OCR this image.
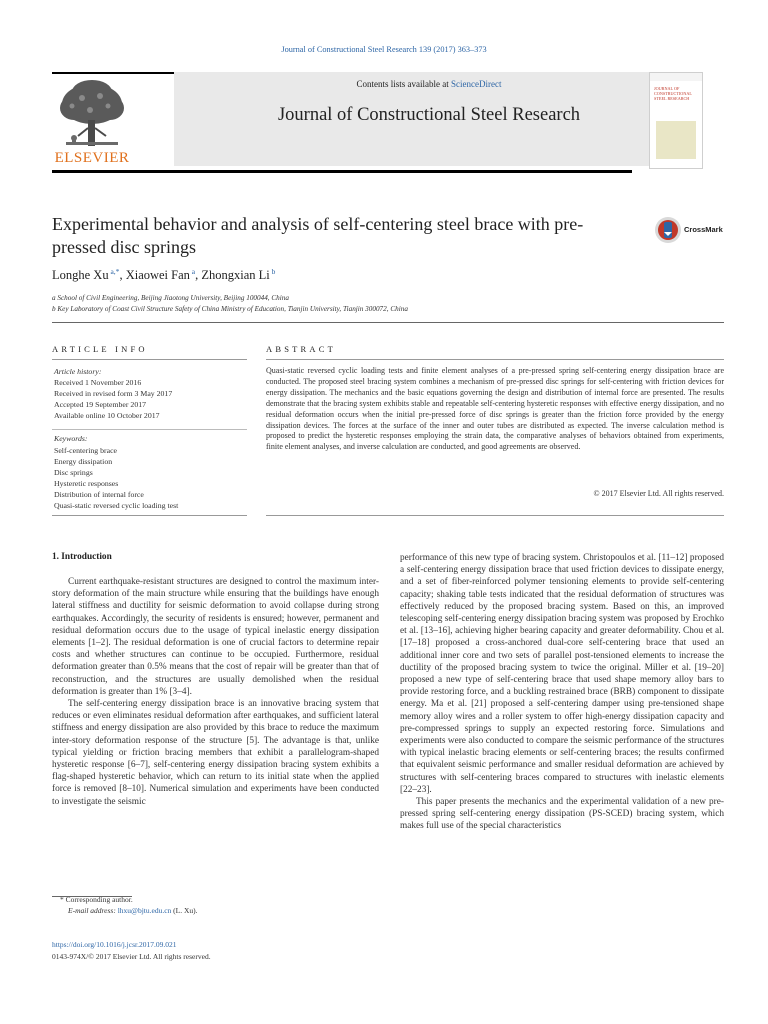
Journal of Constructional Steel Research 139 (2017) 363–373
Contents lists available at ScienceDirect
Journal of Constructional Steel Research
ELSEVIER
JOURNAL OF CONSTRUCTIONAL STEEL RESEARCH
Experimental behavior and analysis of self-centering steel brace with pre-pressed disc springs
CrossMark
Longhe Xu $^{a,*}$, Xiaowei Fan $^a$, Zhongxian Li $^b$
a School of Civil Engineering, Beijing Jiaotong University, Beijing 100044, China
b Key Laboratory of Coast Civil Structure Safety of China Ministry of Education, Tianjin University, Tianjin 300072, China
ARTICLE INFO	ABSTRACT
Article history:
Received 1 November 2016
Received in revised form 3 May 2017
Accepted 19 September 2017
Available online 10 October 2017
Keywords:
Self-centering brace
Energy dissipation
Disc springs
Hysteretic responses
Distribution of internal force
Quasi-static reversed cyclic loading test
Quasi-static reversed cyclic loading tests and finite element analyses of a pre-pressed spring self-centering energy dissipation brace are conducted. The proposed steel bracing system combines a mechanism of pre-pressed disc springs for self-centering with friction devices for energy dissipation. The mechanics and the basic equations governing the design and distribution of internal force are presented. The results demonstrate that the bracing system exhibits stable and repeatable self-centering hysteretic responses with effective energy dissipation, and no residual deformation occurs when the initial pre-pressed force of disc springs is greater than the friction force provided by the energy dissipation devices. The forces at the surface of the inner and outer tubes are distributed as expected. The inverse calculation method is proposed to predict the hysteretic responses employing the strain data, the comparative analyses of behaviors obtained from experiments, finite element analyses, and inverse calculation are conducted, and good agreements are observed.
© 2017 Elsevier Ltd. All rights reserved.
1. Introduction

Current earthquake-resistant structures are designed to control the maximum inter-story deformation of the main structure while ensuring that the buildings have enough lateral stiffness and ductility for seismic deformation to avoid collapse during strong earthquakes. Accordingly, the security of residents is ensured; however, permanent and residual deformation occurs due to the usage of typical inelastic energy dissipation elements [1–2]. The residual deformation is one of crucial factors to determine repair costs and whether structures can continue to be occupied. Furthermore, residual deformation greater than 0.5% means that the cost of repair will be greater than that of reconstruction, and the structures are usually demolished when the residual deformation is greater than 1% [3–4].

The self-centering energy dissipation brace is an innovative bracing system that reduces or even eliminates residual deformation after earthquakes, and sufficient lateral stiffness and energy dissipation are also provided by this brace to reduce the maximum inter-story deformation response of the structure [5]. The advantage is that, unlike typical yielding or friction bracing members that exhibit a parallelogram-shaped hysteretic response [6–7], self-centering energy dissipation bracing system exhibits a flag-shaped hysteretic behavior, which can return to its initial state when the applied force is removed [8–10]. Numerical simulation and experiments have been conducted to investigate the seismic

performance of this new type of bracing system. Christopoulos et al. [11–12] proposed a self-centering energy dissipation brace that used friction devices to dissipate energy, and a set of fiber-reinforced polymer tensioning elements to provide self-centering capacity; shaking table tests indicated that the residual deformation of structures was effectively reduced by the proposed bracing system. Based on this, an improved telescoping self-centering energy dissipation bracing system was proposed by Erochko et al. [13–16], achieving higher bearing capacity and greater deformability. Chou et al. [17–18] proposed a cross-anchored dual-core self-centering brace that used an additional inner core and two sets of parallel post-tensioned elements to increase the ductility of the proposed bracing system to twice the original. Miller et al. [19–20] proposed a new type of self-centering brace that used shape memory alloy bars to provide restoring force, and a buckling restrained brace (BRB) component to dissipate energy. Ma et al. [21] proposed a self-centering damper using pre-tensioned shape memory alloy wires and a roller system to offer high-energy dissipation capacity and pre-compressed springs to supply an expected restoring force. Simulations and experiments were also conducted to compare the seismic performance of the structures with typical inelastic bracing elements or self-centering braces; the results confirmed that equivalent seismic performance and smaller residual deformation are achieved by structures with self-centering braces compared to structures with inelastic elements [22–23].

This paper presents the mechanics and the experimental validation of a new pre-pressed spring self-centering energy dissipation (PS-SCED) bracing system, which makes full use of the special characteristics

* Corresponding author.
E-mail address: lhxu@bjtu.edu.cn (L. Xu).
https://doi.org/10.1016/j.jcsr.2017.09.021
0143-974X/© 2017 Elsevier Ltd. All rights reserved.
